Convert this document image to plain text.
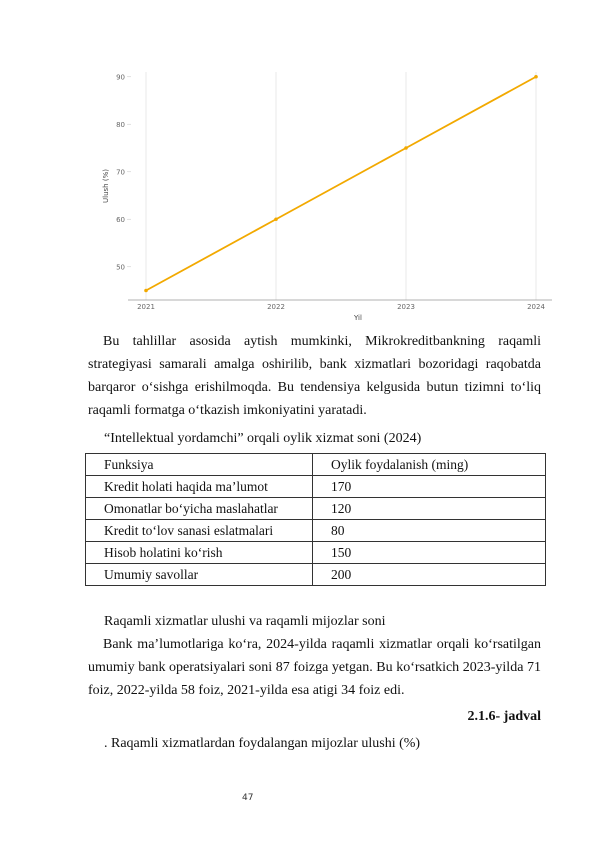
50
60
70
80
90
2021	2022	2023	2024
Yil
Ulush (%)
Bu tahlillar asosida aytish mumkinki, Mikrokreditbankning raqamli strategiyasi samarali amalga oshirilib, bank xizmatlari bozoridagi raqobatda barqaror o‘sishga erishilmoqda. Bu tendensiya kelgusida butun tizimni to‘liq raqamli formatga o‘tkazish imkoniyatini yaratadi.
“Intellektual yordamchi” orqali oylik xizmat soni (2024)
Funksiya	Oylik foydalanish (ming)
Kredit holati haqida ma’lumot	170
Omonatlar bo‘yicha maslahatlar	120
Kredit to‘lov sanasi eslatmalari	80
Hisob holatini ko‘rish	150
Umumiy savollar	200
Raqamli xizmatlar ulushi va raqamli mijozlar soni
Bank ma’lumotlariga ko‘ra, 2024-yilda raqamli xizmatlar orqali ko‘rsatilgan umumiy bank operatsiyalari soni 87 foizga yetgan. Bu ko‘rsatkich 2023-yilda 71 foiz, 2022-yilda 58 foiz, 2021-yilda esa atigi 34 foiz edi.
2.1.6- jadval
. Raqamli xizmatlardan foydalangan mijozlar ulushi (%)
47
